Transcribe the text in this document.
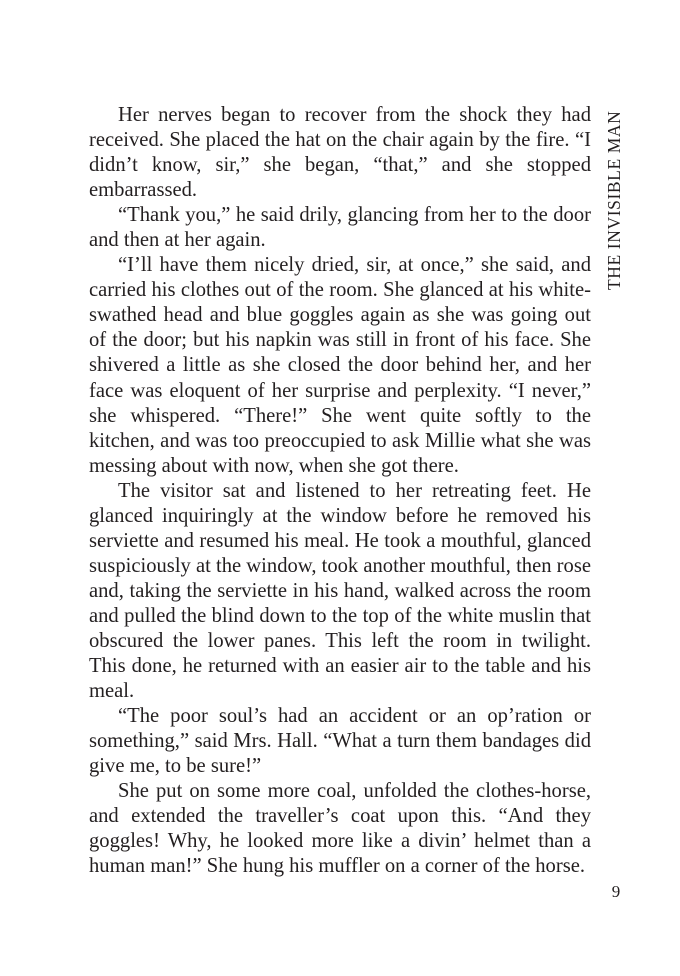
Her nerves began to recover from the shock they had received. She placed the hat on the chair again by the fire. “I didn’t know, sir,” she began, “that,” and she stopped embarrassed.

“Thank you,” he said drily, glancing from her to the door and then at her again.

“I’ll have them nicely dried, sir, at once,” she said, and carried his clothes out of the room. She glanced at his white-swathed head and blue goggles again as she was going out of the door; but his napkin was still in front of his face. She shivered a little as she closed the door behind her, and her face was eloquent of her surprise and perplexity. “I never,” she whispered. “There!” She went quite softly to the kitchen, and was too preoccupied to ask Millie what she was messing about with now, when she got there.

The visitor sat and listened to her retreating feet. He glanced inquiringly at the window before he removed his serviette and resumed his meal. He took a mouthful, glanced suspiciously at the window, took another mouthful, then rose and, taking the serviette in his hand, walked across the room and pulled the blind down to the top of the white muslin that obscured the lower panes. This left the room in twilight. This done, he returned with an easier air to the table and his meal.

“The poor soul’s had an accident or an op’ration or something,” said Mrs. Hall. “What a turn them bandages did give me, to be sure!”

She put on some more coal, unfolded the clothes-horse, and extended the traveller’s coat upon this. “And they goggles! Why, he looked more like a divin’ helmet than a human man!” She hung his muffler on a corner of the horse.

THE INVISIBLE MAN
9
